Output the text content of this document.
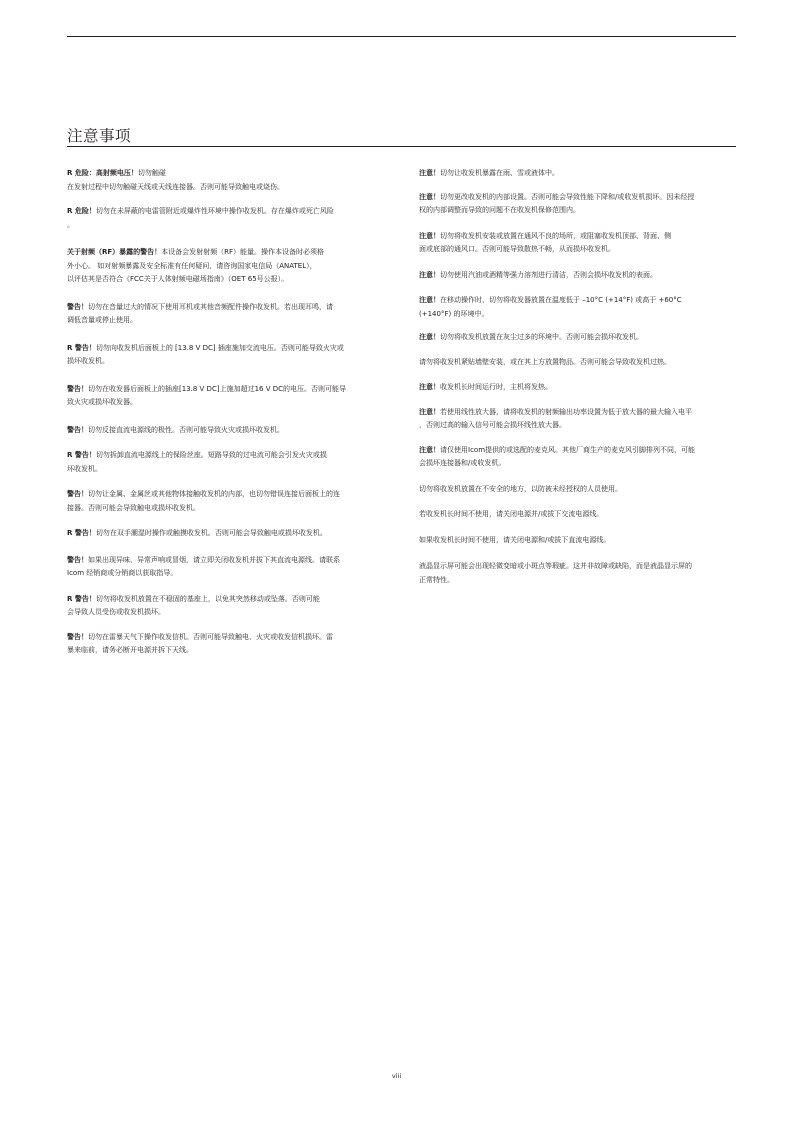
注意事项
R 危险：高射频电压！切勿触碰
在发射过程中切勿触碰天线或天线连接器。否则可能导致触电或烧伤。
R 危险！切勿在未屏蔽的电雷管附近或爆炸性环境中操作收发机。存在爆炸或死亡风险
。
关于射频（RF）暴露的警告！本设备会发射射频（RF）能量。操作本设备时必须格
外小心。 如对射频暴露及安全标准有任何疑问，请咨询国家电信局（ANATEL），
以评估其是否符合《FCC关于人体射频电磁场指南》（OET 65号公报）。
警告！切勿在音量过大的情况下使用耳机或其他音频配件操作收发机。若出现耳鸣，请
调低音量或停止使用。
R 警告！切勿向收发机后面板上的 [13.8 V DC] 插座施加交流电压。否则可能导致火灾或
损坏收发机。
警告！切勿在收发器后面板上的插座[13.8 V DC]上施加超过16 V DC的电压。否则可能导
致火灾或损坏收发器。
警告！切勿反接直流电源线的极性。否则可能导致火灾或损坏收发机。
R 警告！切勿拆卸直流电源线上的保险丝座。短路导致的过电流可能会引发火灾或损
坏收发机。
警告！切勿让金属、金属丝或其他物体接触收发机的内部，也切勿错误连接后面板上的连
接器。否则可能会导致触电或损坏收发机。
R 警告！切勿在双手潮湿时操作或触摸收发机。否则可能会导致触电或损坏收发机。
警告！如果出现异味、异常声响或冒烟，请立即关闭收发机并拔下其直流电源线。请联系
Icom 经销商或分销商以获取指导。
R 警告！切勿将收发机放置在不稳固的基座上，以免其突然移动或坠落。否则可能
会导致人员受伤或收发机损坏。
警告！切勿在雷暴天气下操作收发信机。否则可能导致触电、火灾或收发信机损坏。雷
暴来临前，请务必断开电源并拆下天线。
注意！切勿让收发机暴露在雨、雪或液体中。
注意！切勿更改收发机的内部设置。否则可能会导致性能下降和/或收发机损坏。因未经授
权的内部调整而导致的问题不在收发机保修范围内。
注意！切勿将收发机安装或放置在通风不良的场所，或阻塞收发机顶部、背面、侧
面或底部的通风口。否则可能导致散热不畅，从而损坏收发机。
注意！切勿使用汽油或酒精等强力溶剂进行清洁，否则会损坏收发机的表面。
注意！在移动操作时，切勿将收发器放置在温度低于 –10°C (+14°F) 或高于 +60°C
(+140°F) 的环境中。
注意！切勿将收发机放置在灰尘过多的环境中。否则可能会损坏收发机。
请勿将收发机紧贴墙壁安装，或在其上方放置物品。否则可能会导致收发机过热。
注意！收发机长时间运行时，主机将发热。
注意！若使用线性放大器，请将收发机的射频输出功率设置为低于放大器的最大输入电平
，否则过高的输入信号可能会损坏线性放大器。
注意！请仅使用Icom提供的或选配的麦克风。其他厂商生产的麦克风引脚排列不同，可能
会损坏连接器和/或收发机。
切勿将收发机放置在不安全的地方，以防被未经授权的人员使用。
若收发机长时间不使用，请关闭电源并/或拔下交流电源线。
如果收发机长时间不使用，请关闭电源和/或拔下直流电源线。
液晶显示屏可能会出现轻微变暗或小斑点等瑕疵。这并非故障或缺陷，而是液晶显示屏的
正常特性。
viii
